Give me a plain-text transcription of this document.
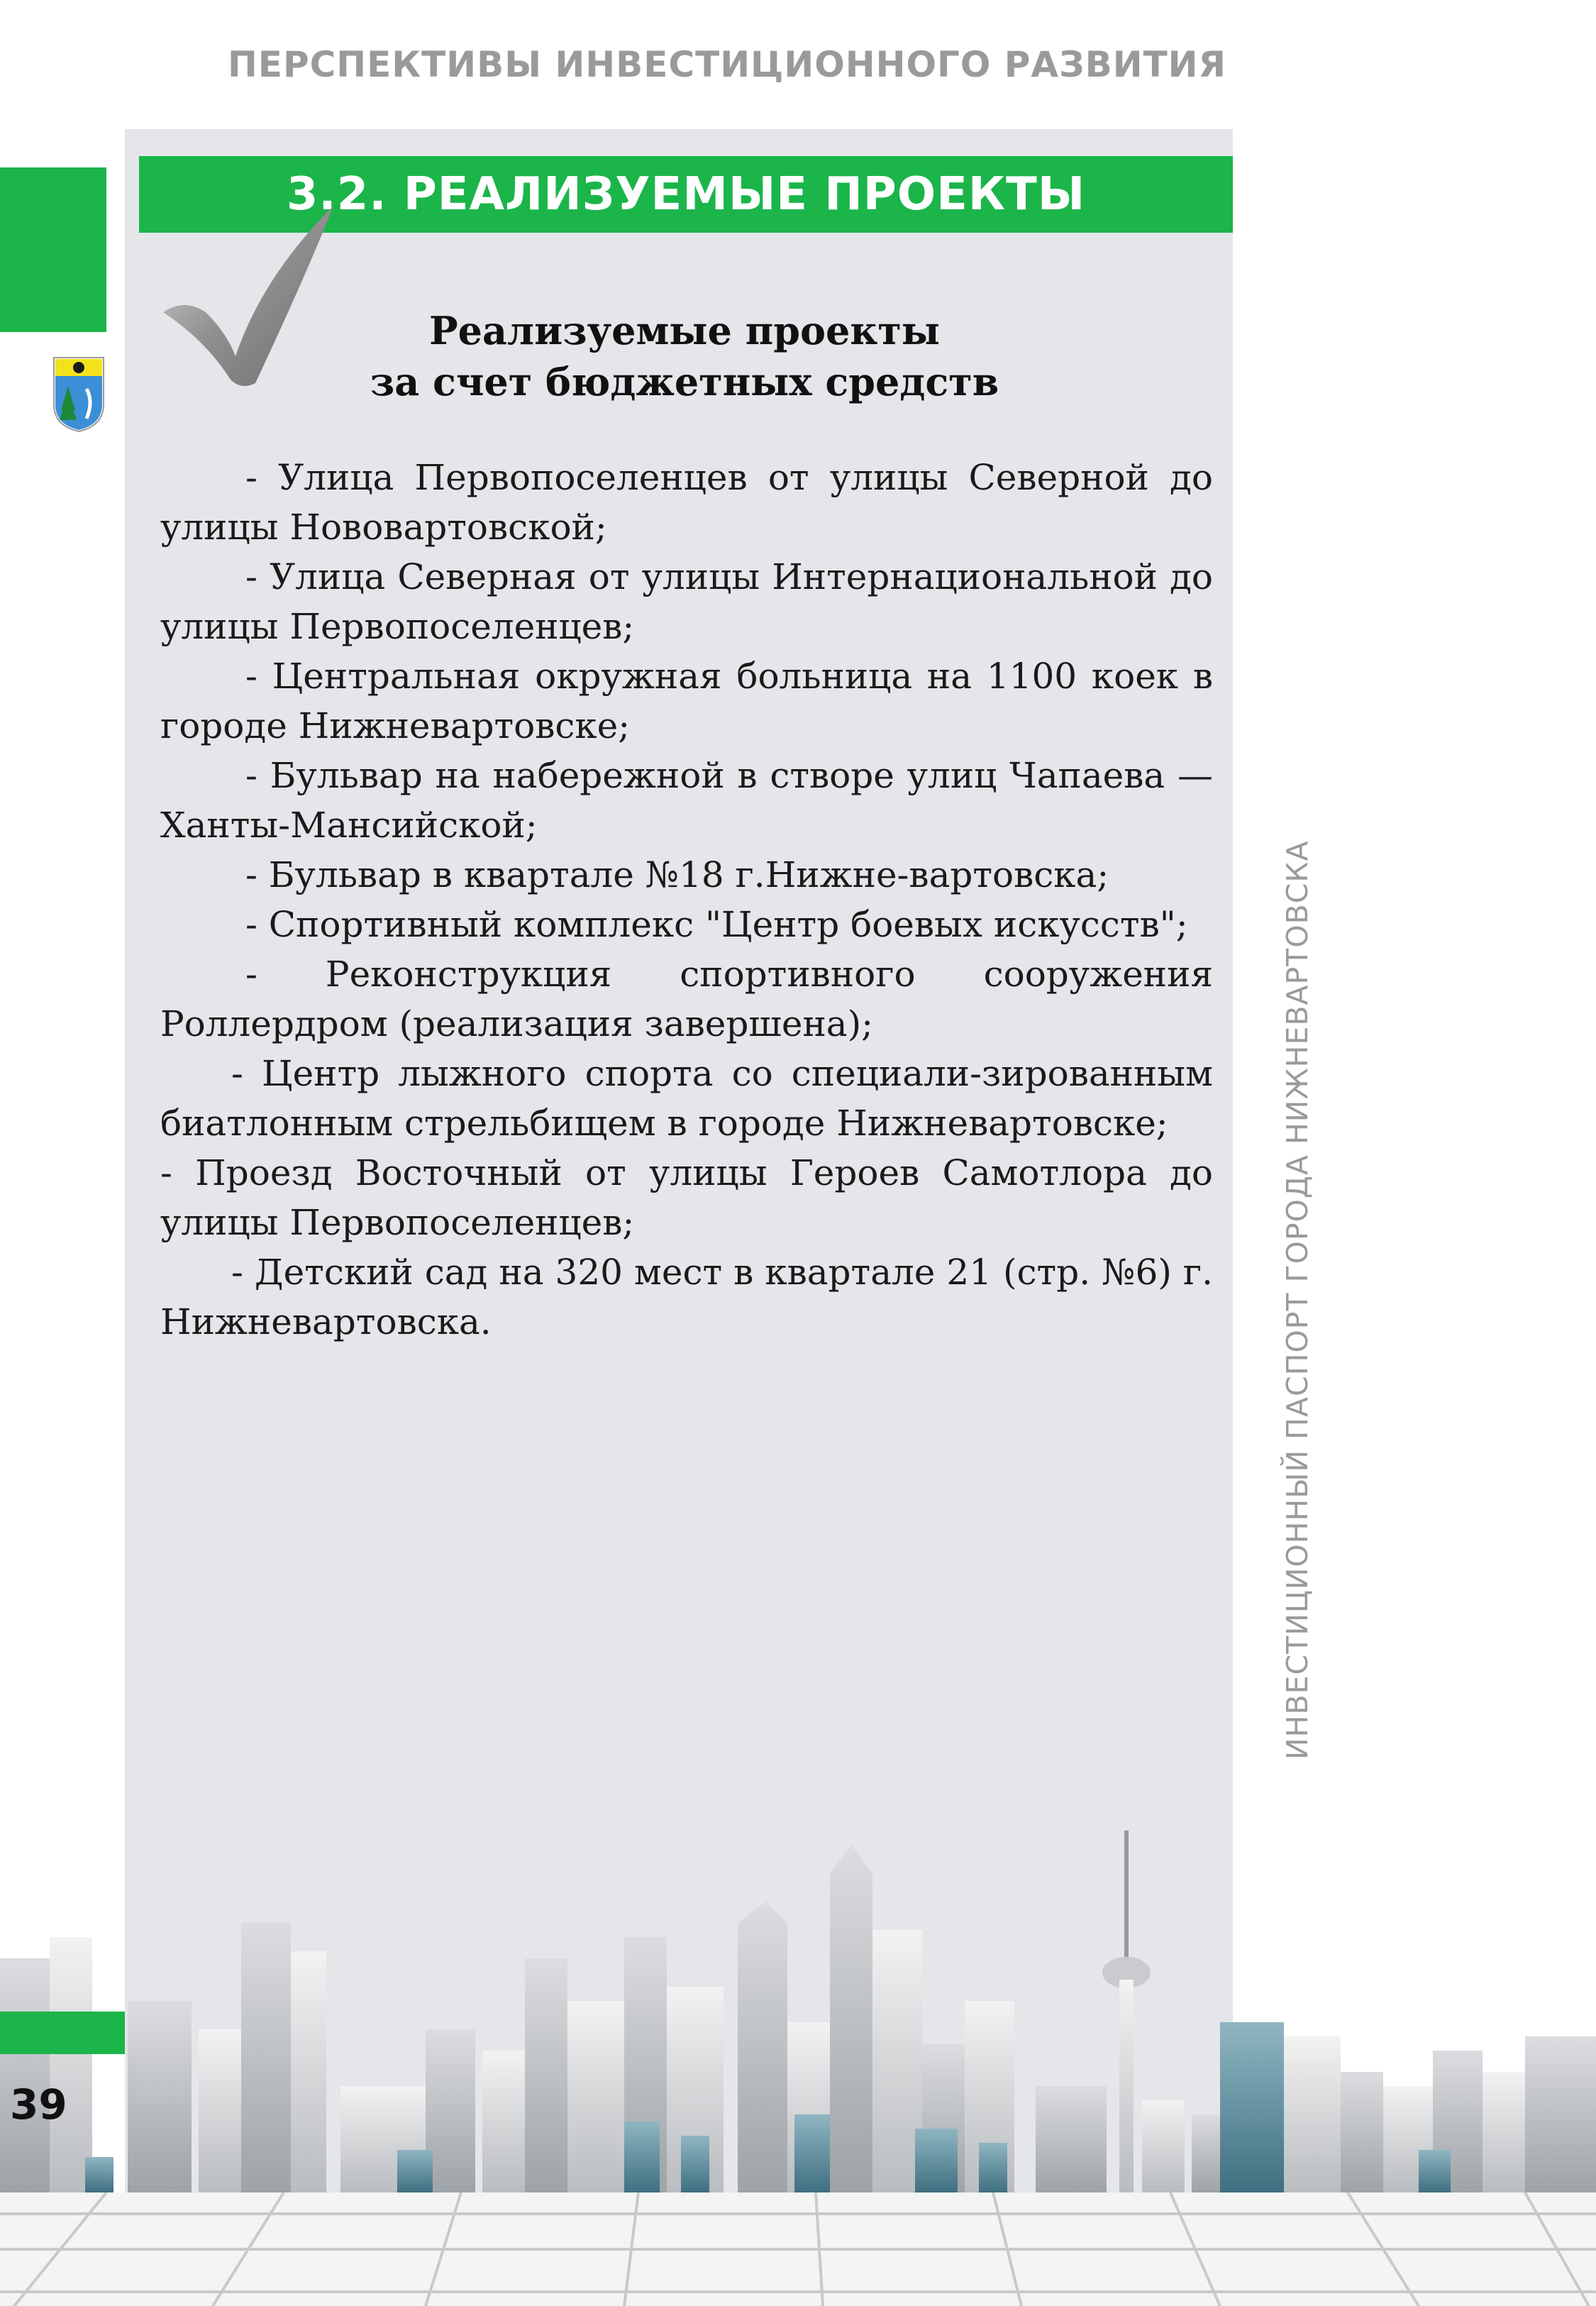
ПЕРСПЕКТИВЫ ИНВЕСТИЦИОННОГО РАЗВИТИЯ
3.2. РЕАЛИЗУЕМЫЕ ПРОЕКТЫ
Реализуемые проекты
за счет бюджетных средств

- Улица Первопоселенцев от улицы Северной до улицы Нововартовской;

- Улица Северная от улицы Интернациональной до улицы Первопоселенцев;

- Центральная окружная больница на 1100 коек в городе Нижневартовске;

- Бульвар на набережной в створе улиц Чапаева — Ханты-Мансийской;

- Бульвар в квартале №18 г.Нижне-вартовска;

- Спортивный комплекс "Центр боевых искусств";

- Реконструкция спортивного сооружения Роллердром (реализация завершена);

- Центр лыжного спорта со специали-зированным биатлонным стрельбищем в городе Нижневартовске;

- Проезд Восточный от улицы Героев Самотлора до улицы Первопоселенцев;

- Детский сад на 320 мест в квартале 21 (стр. №6) г. Нижневартовска.	ИНВЕСТИЦИОННЫЙ ПАСПОРТ ГОРОДА НИЖНЕВАРТОВСКА
39
